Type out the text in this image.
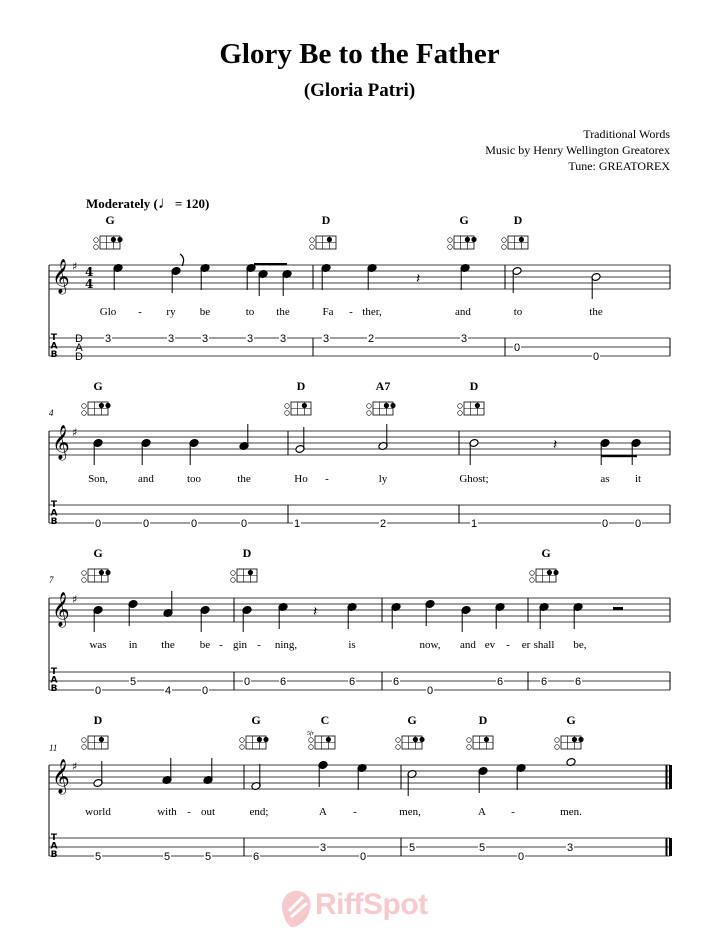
Glory Be to the Father
(Gloria Patri)
Traditional Words
Music by Henry Wellington Greatorex
Tune: GREATOREX
Moderately (♩= 120)
𝄞 ♯ 4
4
T
A
B
D
A
D
G	D	G	D
Glo - ry be	to the	Fa - ther,	and	to	the
3	3	3	3 3	3	2	3
0
0
𝄽
4
𝄞 ♯
T
A
B
G	D	A7	D
Son,	and	too	the	Ho -	ly	Ghost;	as it
0	0	0	0	1	2	1	0 0
𝄽
7
𝄞 ♯
T
A
B
G	D	G
was in the be - gin - ning,	is	now, and ev - er shall be,
5
4
0	0
0	6	6	6
0
6	6	6
𝄽
11
𝄞 ♯
T
A
B
D	G	C	G	D	G
5fr
world	with - out	end;	A -	men,	A -	men.
5	5	5	6
3
0
5	5
0
3
RiffSpot
